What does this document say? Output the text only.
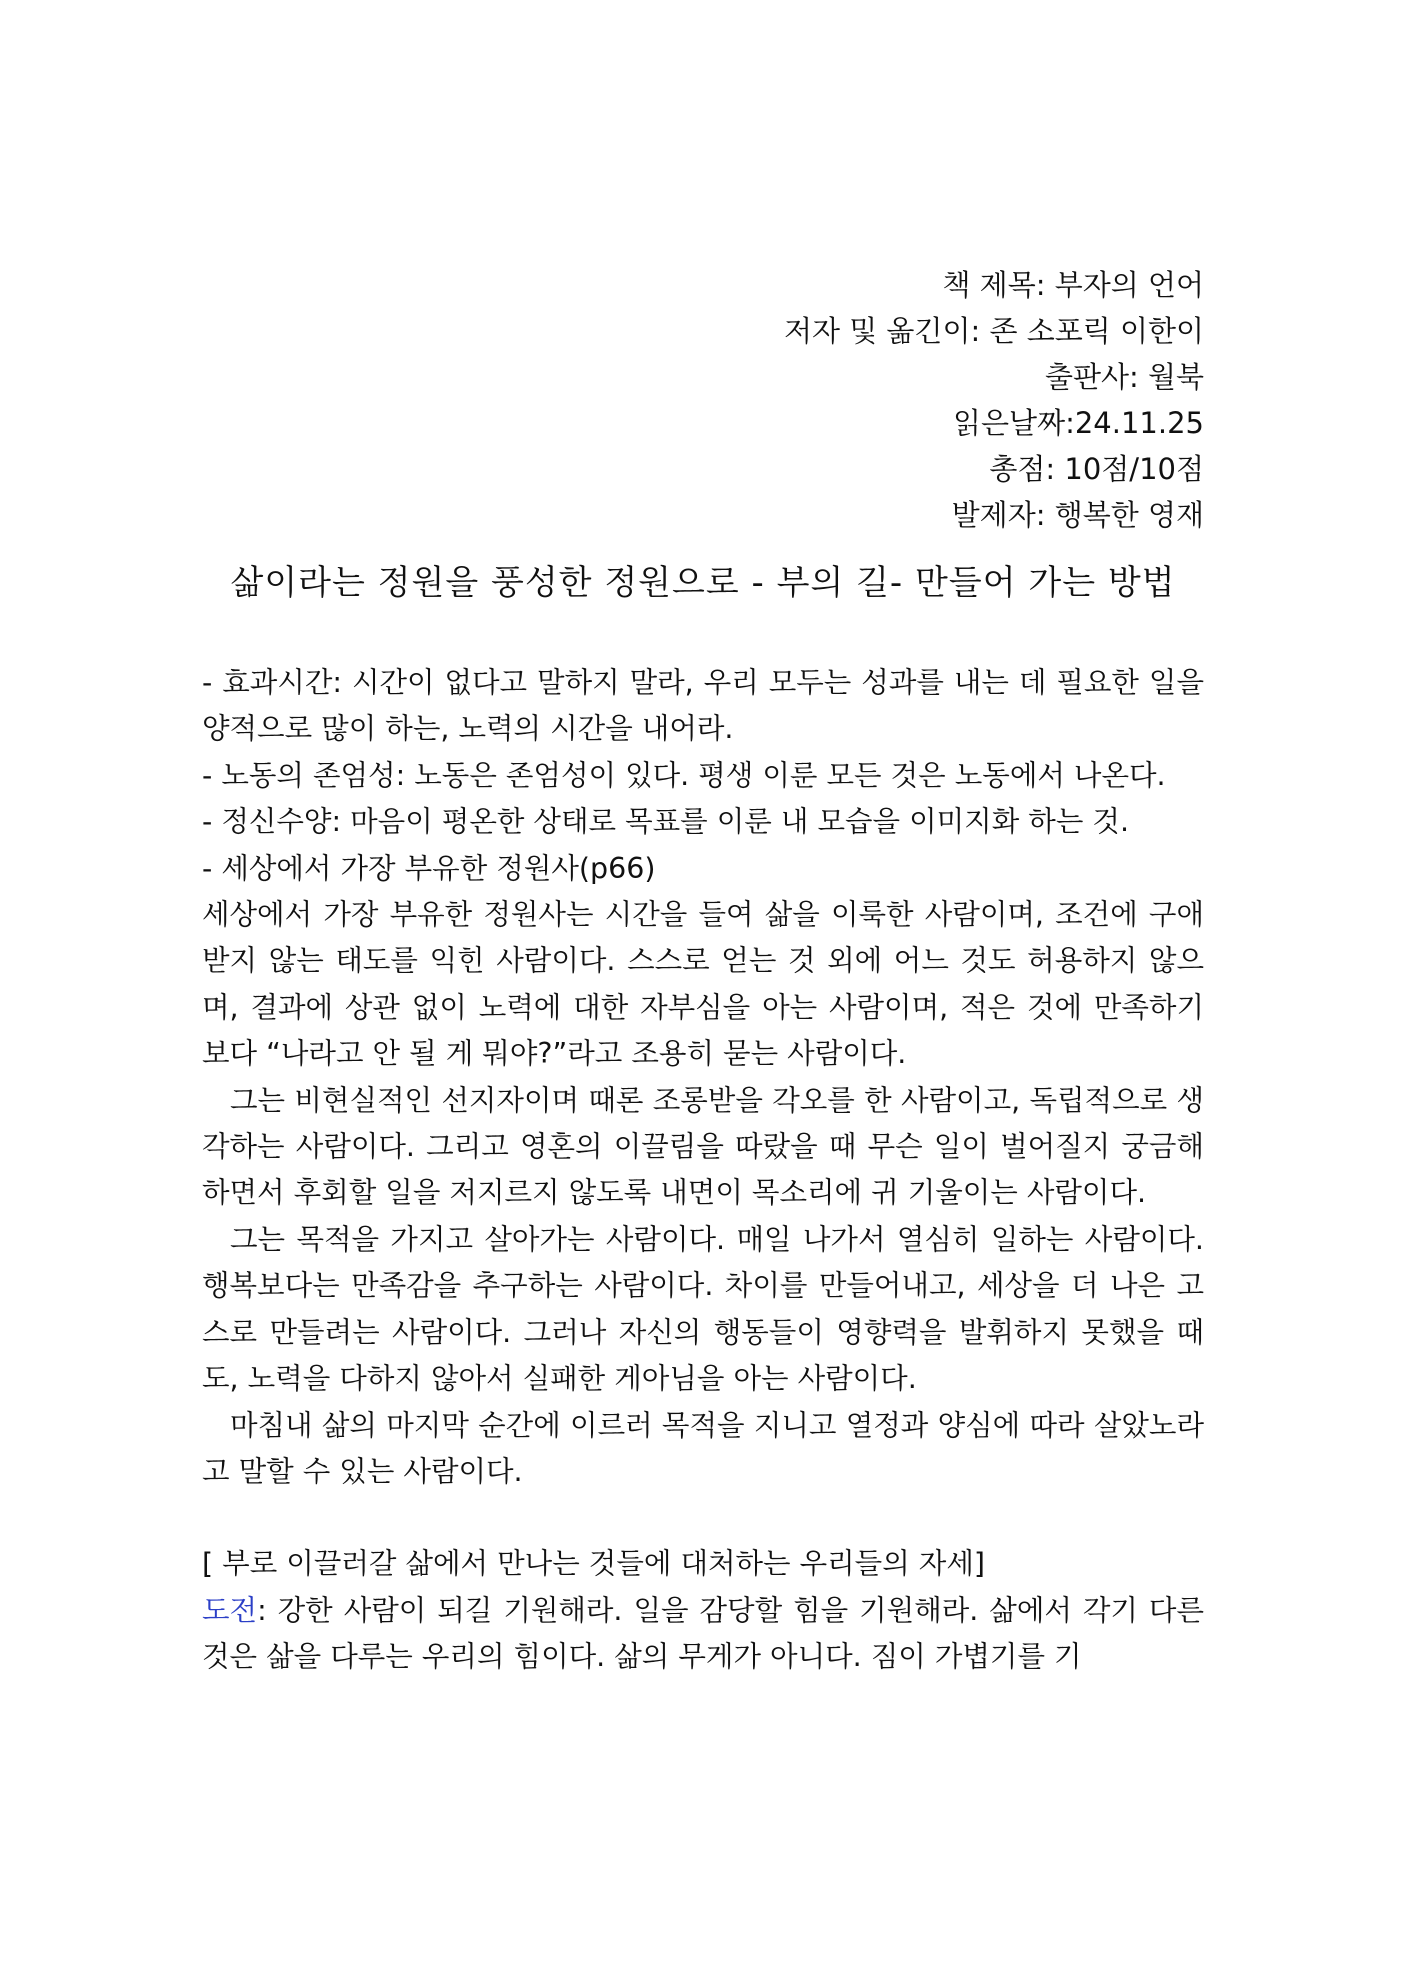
책 제목: 부자의 언어
저자 및 옮긴이: 존 소포릭 이한이
출판사: 월북
읽은날짜:24.11.25
총점: 10점/10점
발제자: 행복한 영재
삶이라는 정원을 풍성한 정원으로 - 부의 길- 만들어 가는 방법

- 효과시간: 시간이 없다고 말하지 말라, 우리 모두는 성과를 내는 데 필요한 일을 양적으로 많이 하는, 노력의 시간을 내어라.

- 노동의 존엄성: 노동은 존엄성이 있다. 평생 이룬 모든 것은 노동에서 나온다.

- 정신수양: 마음이 평온한 상태로 목표를 이룬 내 모습을 이미지화 하는 것.

- 세상에서 가장 부유한 정원사(p66)

세상에서 가장 부유한 정원사는 시간을 들여 삶을 이룩한 사람이며, 조건에 구애받지 않는 태도를 익힌 사람이다. 스스로 얻는 것 외에 어느 것도 허용하지 않으며, 결과에 상관 없이 노력에 대한 자부심을 아는 사람이며, 적은 것에 만족하기 보다 “나라고 안 될 게 뭐야?”라고 조용히 묻는 사람이다.

그는 비현실적인 선지자이며 때론 조롱받을 각오를 한 사람이고, 독립적으로 생각하는 사람이다. 그리고 영혼의 이끌림을 따랐을 때 무슨 일이 벌어질지 궁금해하면서 후회할 일을 저지르지 않도록 내면이 목소리에 귀 기울이는 사람이다.

그는 목적을 가지고 살아가는 사람이다. 매일 나가서 열심히 일하는 사람이다. 행복보다는 만족감을 추구하는 사람이다. 차이를 만들어내고, 세상을 더 나은 고스로 만들려는 사람이다. 그러나 자신의 행동들이 영향력을 발휘하지 못했을 때도, 노력을 다하지 않아서 실패한 게아님을 아는 사람이다.

마침내 삶의 마지막 순간에 이르러 목적을 지니고 열정과 양심에 따라 살았노라고 말할 수 있는 사람이다.

[ 부로 이끌러갈 삶에서 만나는 것들에 대처하는 우리들의 자세]

도전: 강한 사람이 되길 기원해라. 일을 감당할 힘을 기원해라. 삶에서 각기 다른 것은 삶을 다루는 우리의 힘이다. 삶의 무게가 아니다. 짐이 가볍기를 기
